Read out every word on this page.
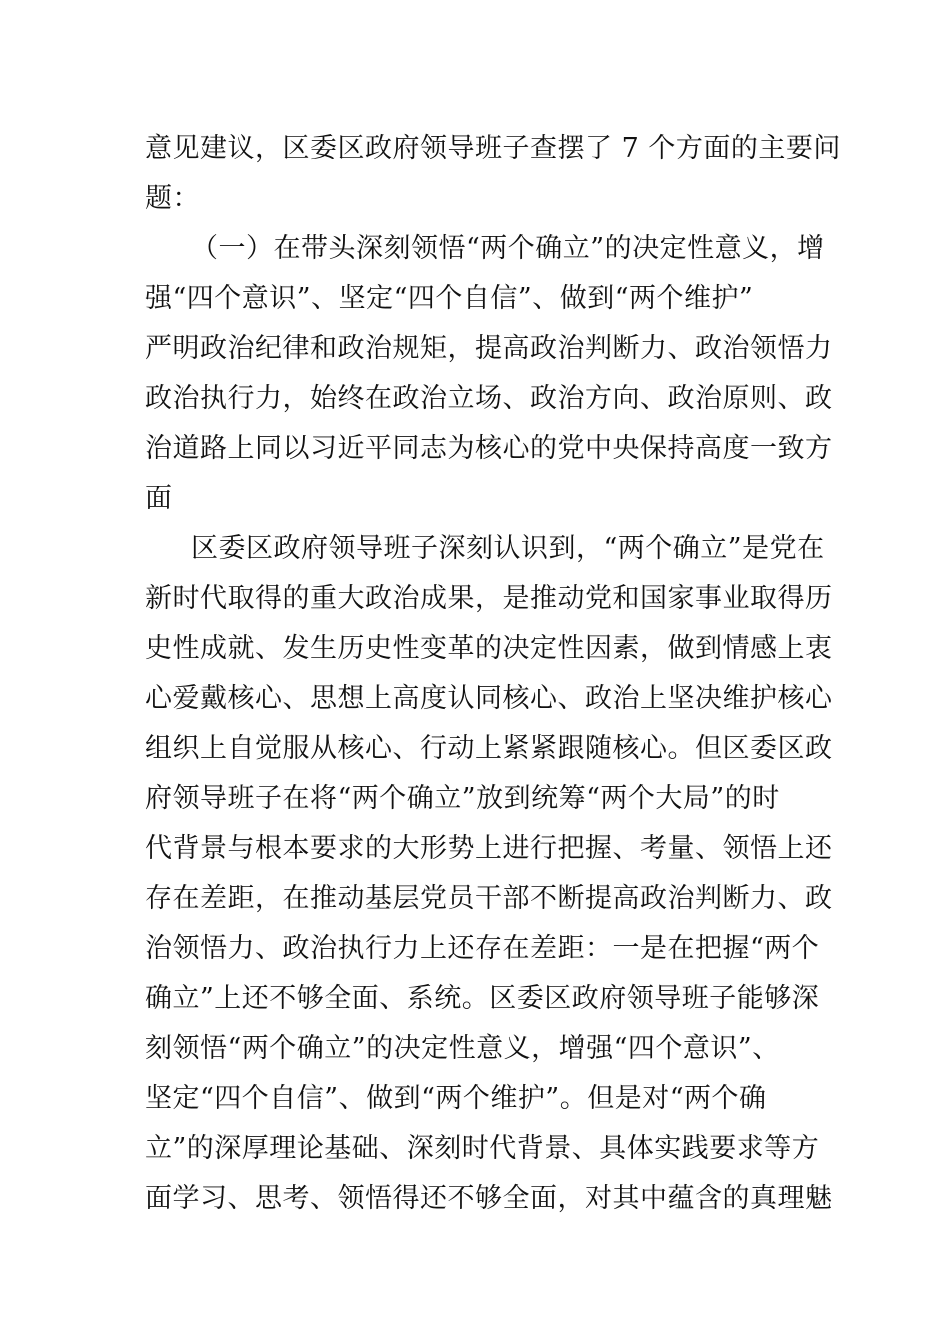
意见建议，区委区政府领导班子查摆了 7 个方面的主要问
题：
（一）在带头深刻领悟“两个确立”的决定性意义，增
强“四个意识”、坚定“四个自信”、做到“两个维护”
严明政治纪律和政治规矩，提高政治判断力、政治领悟力
政治执行力，始终在政治立场、政治方向、政治原则、政
治道路上同以习近平同志为核心的党中央保持高度一致方
面
区委区政府领导班子深刻认识到，“两个确立”是党在
新时代取得的重大政治成果，是推动党和国家事业取得历
史性成就、发生历史性变革的决定性因素，做到情感上衷
心爱戴核心、思想上高度认同核心、政治上坚决维护核心
组织上自觉服从核心、行动上紧紧跟随核心。但区委区政
府领导班子在将“两个确立”放到统筹“两个大局”的时
代背景与根本要求的大形势上进行把握、考量、领悟上还
存在差距，在推动基层党员干部不断提高政治判断力、政
治领悟力、政治执行力上还存在差距：一是在把握“两个
确立”上还不够全面、系统。区委区政府领导班子能够深
刻领悟“两个确立”的决定性意义，增强“四个意识”、
坚定“四个自信”、做到“两个维护”。但是对“两个确
立”的深厚理论基础、深刻时代背景、具体实践要求等方
面学习、思考、领悟得还不够全面，对其中蕴含的真理魅
